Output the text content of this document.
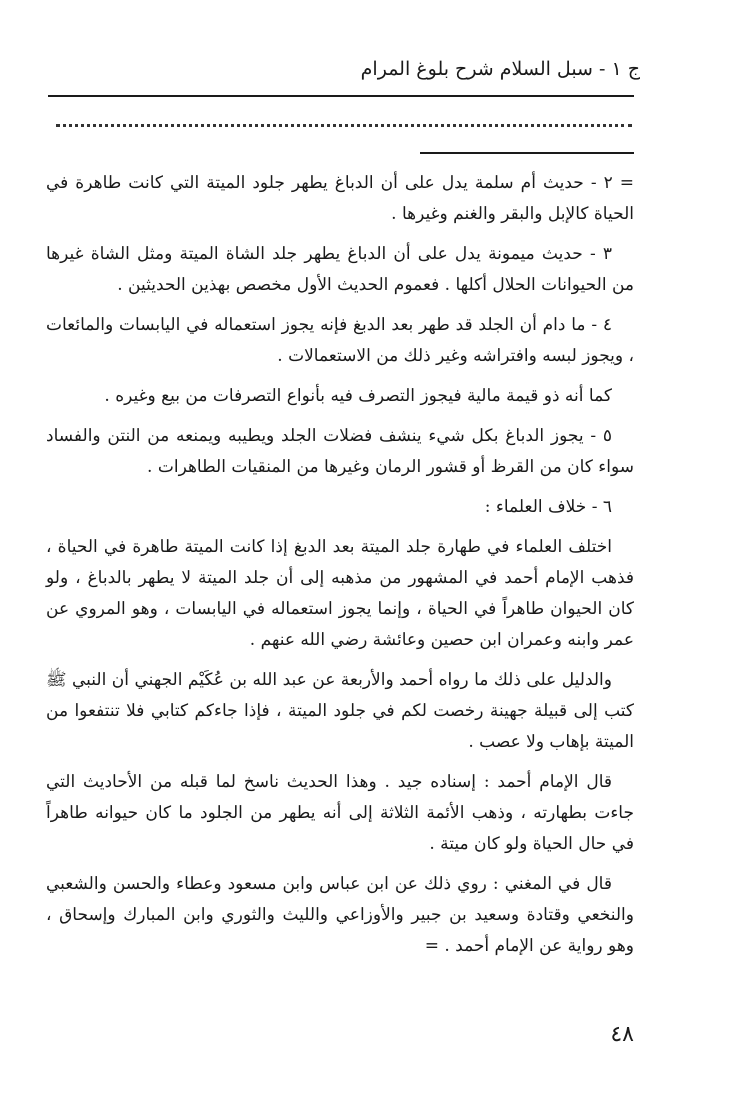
ج ١ - سبل السلام شرح بلوغ المرام

= ٢ - حديث أم سلمة يدل على أن الدباغ يطهر جلود الميتة التي كانت طاهرة في الحياة كالإبل والبقر والغنم وغيرها .

٣ - حديث ميمونة يدل على أن الدباغ يطهر جلد الشاة الميتة ومثل الشاة غيرها من الحيوانات الحلال أكلها . فعموم الحديث الأول مخصص بهذين الحديثين .

٤ - ما دام أن الجلد قد طهر بعد الدبغ فإنه يجوز استعماله في اليابسات والمائعات ، ويجوز لبسه وافتراشه وغير ذلك من الاستعمالات .

كما أنه ذو قيمة مالية فيجوز التصرف فيه بأنواع التصرفات من بيع وغيره .

٥ - يجوز الدباغ بكل شيء ينشف فضلات الجلد ويطيبه ويمنعه من النتن والفساد سواء كان من القرظ أو قشور الرمان وغيرها من المنقيات الطاهرات .

٦ - خلاف العلماء :

اختلف العلماء في طهارة جلد الميتة بعد الدبغ إذا كانت الميتة طاهرة في الحياة ، فذهب الإمام أحمد في المشهور من مذهبه إلى أن جلد الميتة لا يطهر بالدباغ ، ولو كان الحيوان طاهراً في الحياة ، وإنما يجوز استعماله في اليابسات ، وهو المروي عن عمر وابنه وعمران ابن حصين وعائشة رضي الله عنهم .

والدليل على ذلك ما رواه أحمد والأربعة عن عبد الله بن عُكَيْم الجهني أن النبي ﷺ كتب إلى قبيلة جهينة رخصت لكم في جلود الميتة ، فإذا جاءكم كتابي فلا تنتفعوا من الميتة بإهاب ولا عصب .

قال الإمام أحمد : إسناده جيد . وهذا الحديث ناسخ لما قبله من الأحاديث التي جاءت بطهارته ، وذهب الأئمة الثلاثة إلى أنه يطهر من الجلود ما كان حيوانه طاهراً في حال الحياة ولو كان ميتة .

قال في المغني : روي ذلك عن ابن عباس وابن مسعود وعطاء والحسن والشعبي والنخعي وقتادة وسعيد بن جبير والأوزاعي والليث والثوري وابن المبارك وإسحاق ، وهو رواية عن الإمام أحمد . =

٤٨
